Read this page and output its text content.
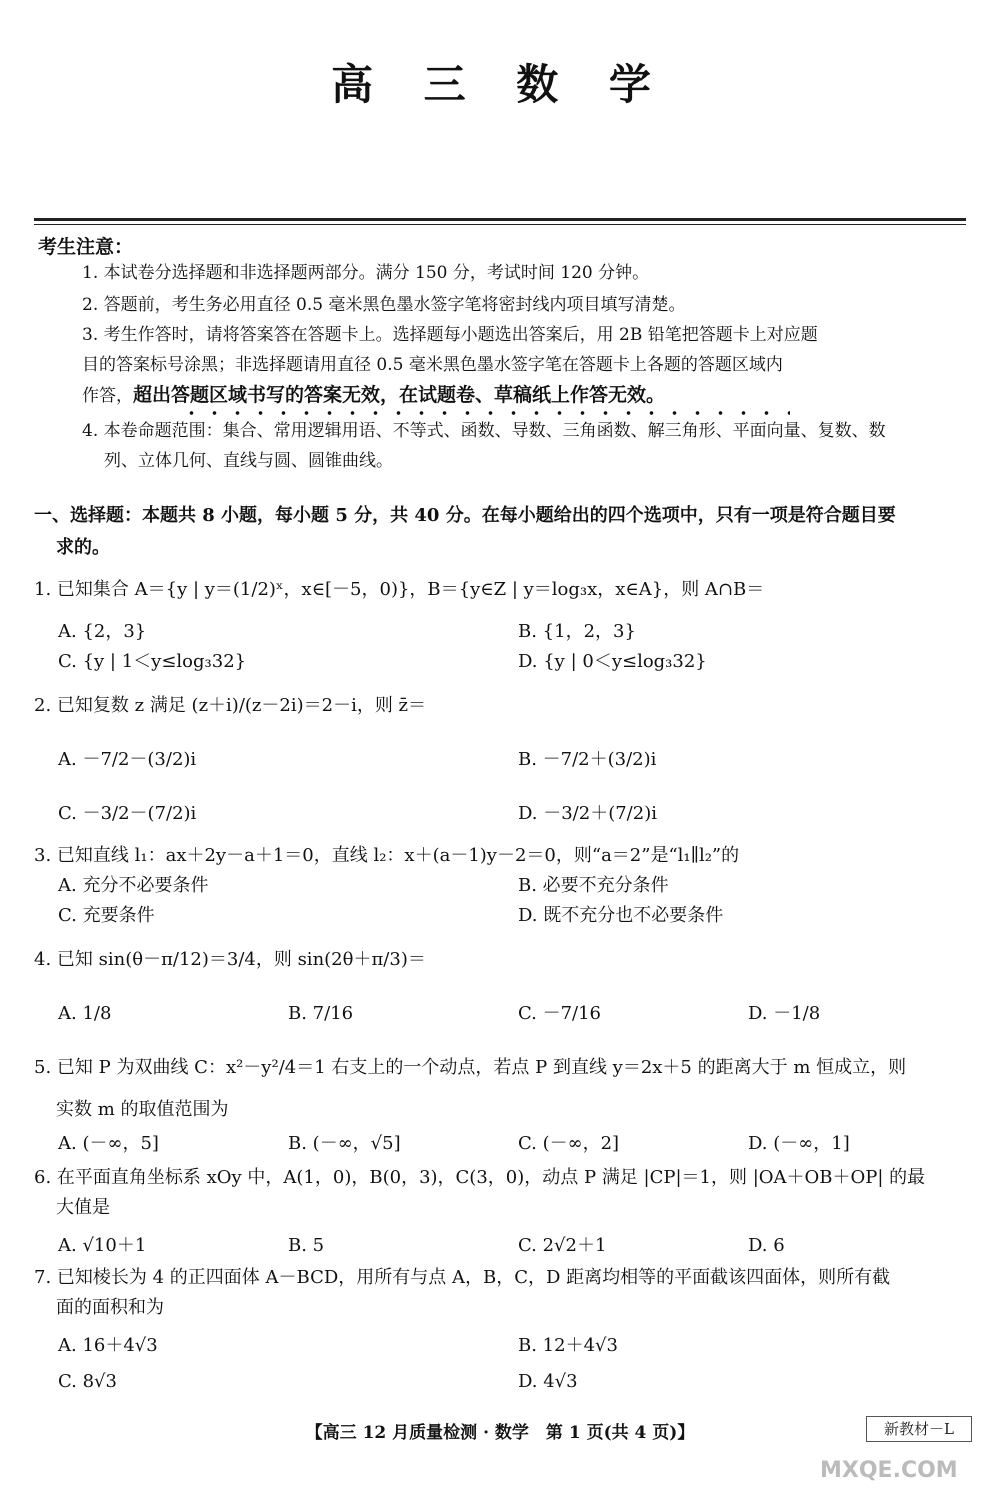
高 三 数 学
考生注意：
1. 本试卷分选择题和非选择题两部分。满分 150 分，考试时间 120 分钟。
2. 答题前，考生务必用直径 0.5 毫米黑色墨水签字笔将密封线内项目填写清楚。
3. 考生作答时，请将答案答在答题卡上。选择题每小题选出答案后，用 2B 铅笔把答题卡上对应题
目的答案标号涂黑；非选择题请用直径 0.5 毫米黑色墨水签字笔在答题卡上各题的答题区域内
作答，超出答题区域书写的答案无效，在试题卷、草稿纸上作答无效。
4. 本卷命题范围：集合、常用逻辑用语、不等式、函数、导数、三角函数、解三角形、平面向量、复数、数
列、立体几何、直线与圆、圆锥曲线。
一、选择题：本题共 8 小题，每小题 5 分，共 40 分。在每小题给出的四个选项中，只有一项是符合题目要
求的。
1. 已知集合 A＝{y | y＝(1/2)ˣ，x∈[－5，0)}，B＝{y∈Z | y＝log₃x，x∈A}，则 A∩B＝
A. {2，3}	B. {1，2，3}
C. {y | 1＜y≤log₃32}	D. {y | 0＜y≤log₃32}
2. 已知复数 z 满足 (z＋i)/(z－2i)＝2－i，则 z̄＝
A. －7/2－(3/2)i	B. －7/2＋(3/2)i
C. －3/2－(7/2)i	D. －3/2＋(7/2)i
3. 已知直线 l₁：ax＋2y－a＋1＝0，直线 l₂：x＋(a－1)y－2＝0，则“a＝2”是“l₁∥l₂”的
A. 充分不必要条件	B. 必要不充分条件
C. 充要条件	D. 既不充分也不必要条件
4. 已知 sin(θ－π/12)＝3/4，则 sin(2θ＋π/3)＝
A. 1/8	B. 7/16	C. －7/16	D. －1/8
5. 已知 P 为双曲线 C：x²－y²/4＝1 右支上的一个动点，若点 P 到直线 y＝2x＋5 的距离大于 m 恒成立，则
实数 m 的取值范围为
A. (－∞，5]	B. (－∞，√5]	C. (－∞，2]	D. (－∞，1]
6. 在平面直角坐标系 xOy 中，A(1，0)，B(0，3)，C(3，0)，动点 P 满足 |CP|＝1，则 |OA＋OB＋OP| 的最
大值是
A. √10＋1	B. 5	C. 2√2＋1	D. 6
7. 已知棱长为 4 的正四面体 A－BCD，用所有与点 A，B，C，D 距离均相等的平面截该四面体，则所有截
面的面积和为
A. 16＋4√3	B. 12＋4√3
C. 8√3	D. 4√3
【高三 12 月质量检测 · 数学　第 1 页(共 4 页)】	新教材－L
MXQE.COM
